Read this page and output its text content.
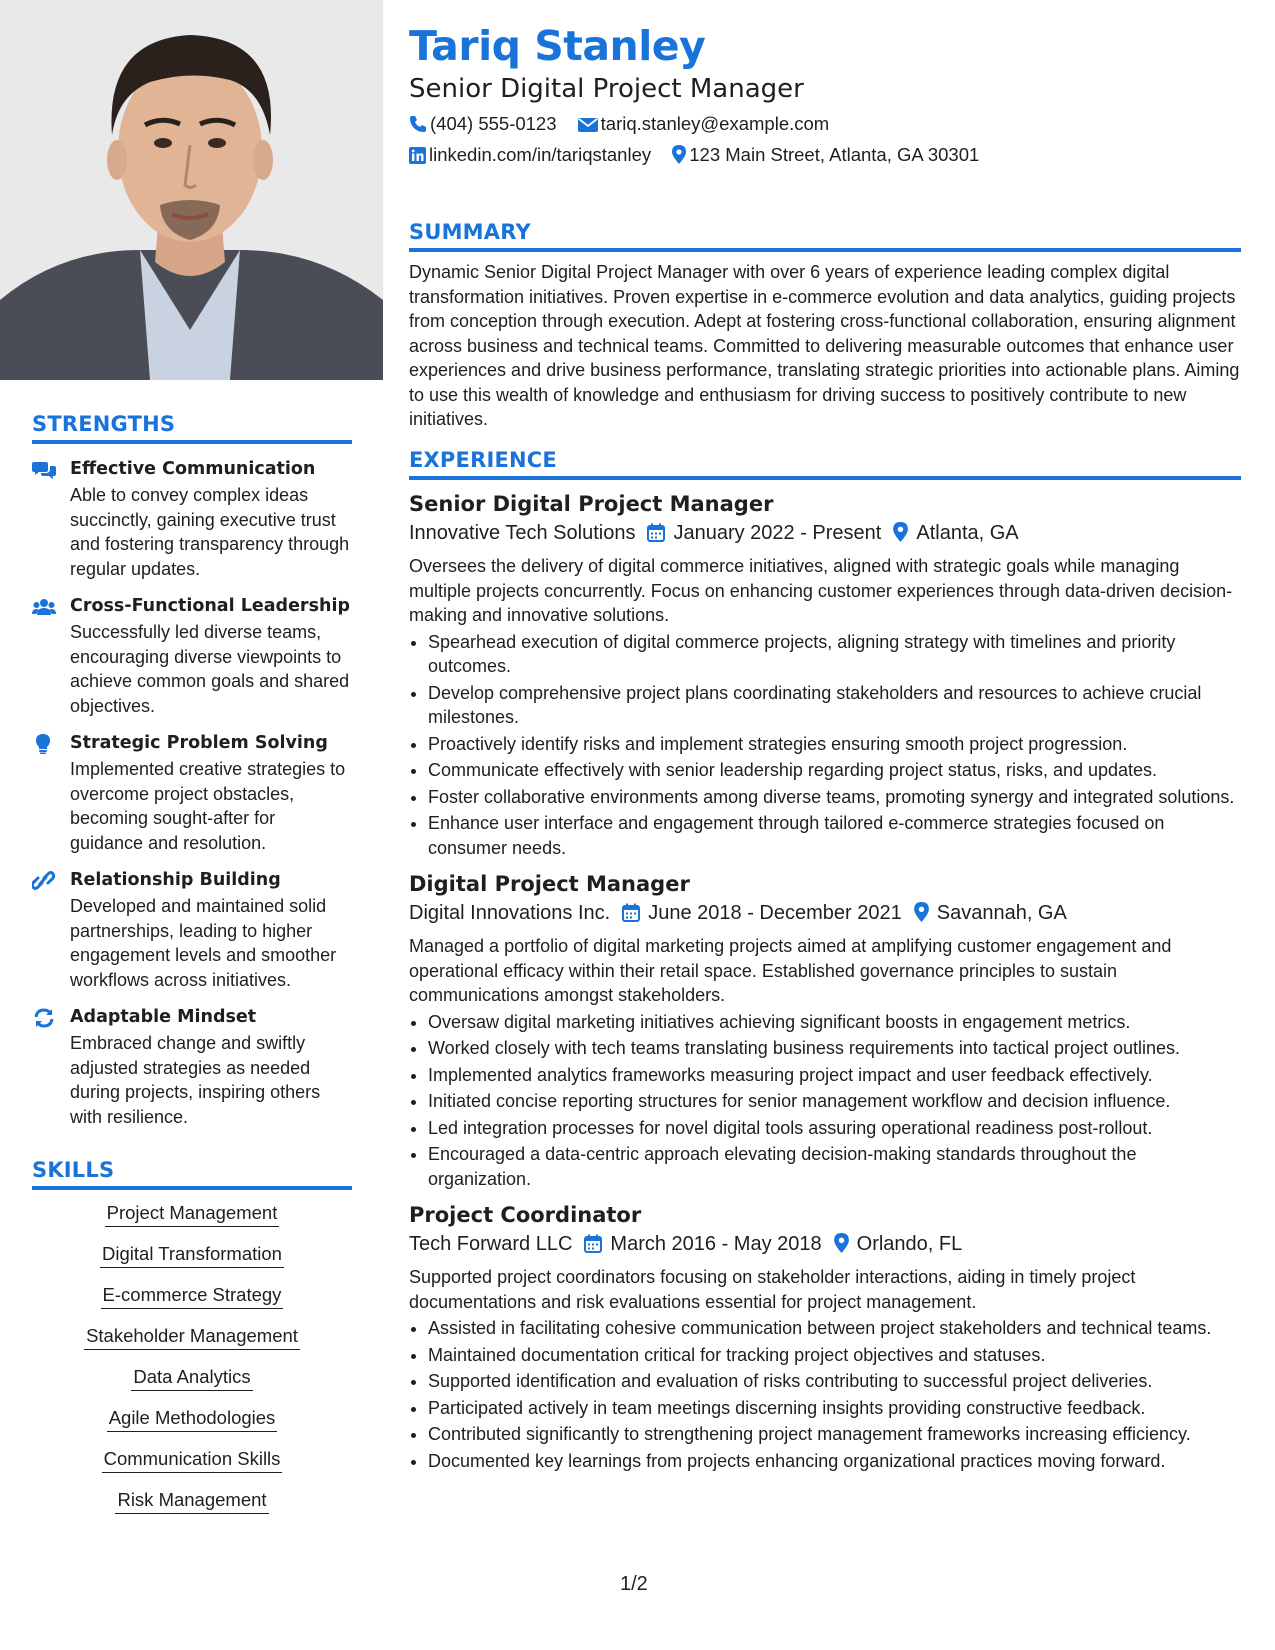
STRENGTHS
Effective Communication
Able to convey complex ideas succinctly, gaining executive trust and fostering transparency through regular updates.
Cross-Functional Leadership
Successfully led diverse teams, encouraging diverse viewpoints to achieve common goals and shared objectives.
Strategic Problem Solving
Implemented creative strategies to overcome project obstacles, becoming sought-after for guidance and resolution.
Relationship Building
Developed and maintained solid partnerships, leading to higher engagement levels and smoother workflows across initiatives.
Adaptable Mindset
Embraced change and swiftly adjusted strategies as needed during projects, inspiring others with resilience.
SKILLS
Project Management
Digital Transformation
E-commerce Strategy
Stakeholder Management
Data Analytics
Agile Methodologies
Communication Skills
Risk Management
Tariq Stanley
Senior Digital Project Manager
(404) 555-0123 tariq.stanley@example.com
linkedin.com/in/tariqstanley 123 Main Street, Atlanta, GA 30301
SUMMARY

Dynamic Senior Digital Project Manager with over 6 years of experience leading complex digital transformation initiatives. Proven expertise in e-commerce evolution and data analytics, guiding projects from conception through execution. Adept at fostering cross-functional collaboration, ensuring alignment across business and technical teams. Committed to delivering measurable outcomes that enhance user experiences and drive business performance, translating strategic priorities into actionable plans. Aiming to use this wealth of knowledge and enthusiasm for driving success to positively contribute to new initiatives.

EXPERIENCE
Senior Digital Project Manager
Innovative Tech Solutions January 2022 - Present Atlanta, GA
Oversees the delivery of digital commerce initiatives, aligned with strategic goals while managing multiple projects concurrently. Focus on enhancing customer experiences through data-driven decision-making and innovative solutions.
• Spearhead execution of digital commerce projects, aligning strategy with timelines and priority outcomes.
• Develop comprehensive project plans coordinating stakeholders and resources to achieve crucial milestones.
• Proactively identify risks and implement strategies ensuring smooth project progression.
• Communicate effectively with senior leadership regarding project status, risks, and updates.
• Foster collaborative environments among diverse teams, promoting synergy and integrated solutions.
• Enhance user interface and engagement through tailored e-commerce strategies focused on consumer needs.
Digital Project Manager
Digital Innovations Inc. June 2018 - December 2021 Savannah, GA
Managed a portfolio of digital marketing projects aimed at amplifying customer engagement and operational efficacy within their retail space. Established governance principles to sustain communications amongst stakeholders.
• Oversaw digital marketing initiatives achieving significant boosts in engagement metrics.
• Worked closely with tech teams translating business requirements into tactical project outlines.
• Implemented analytics frameworks measuring project impact and user feedback effectively.
• Initiated concise reporting structures for senior management workflow and decision influence.
• Led integration processes for novel digital tools assuring operational readiness post-rollout.
• Encouraged a data-centric approach elevating decision-making standards throughout the organization.
Project Coordinator
Tech Forward LLC March 2016 - May 2018 Orlando, FL
Supported project coordinators focusing on stakeholder interactions, aiding in timely project documentations and risk evaluations essential for project management.
• Assisted in facilitating cohesive communication between project stakeholders and technical teams.
• Maintained documentation critical for tracking project objectives and statuses.
• Supported identification and evaluation of risks contributing to successful project deliveries.
• Participated actively in team meetings discerning insights providing constructive feedback.
• Contributed significantly to strengthening project management frameworks increasing efficiency.
• Documented key learnings from projects enhancing organizational practices moving forward.
1/2
